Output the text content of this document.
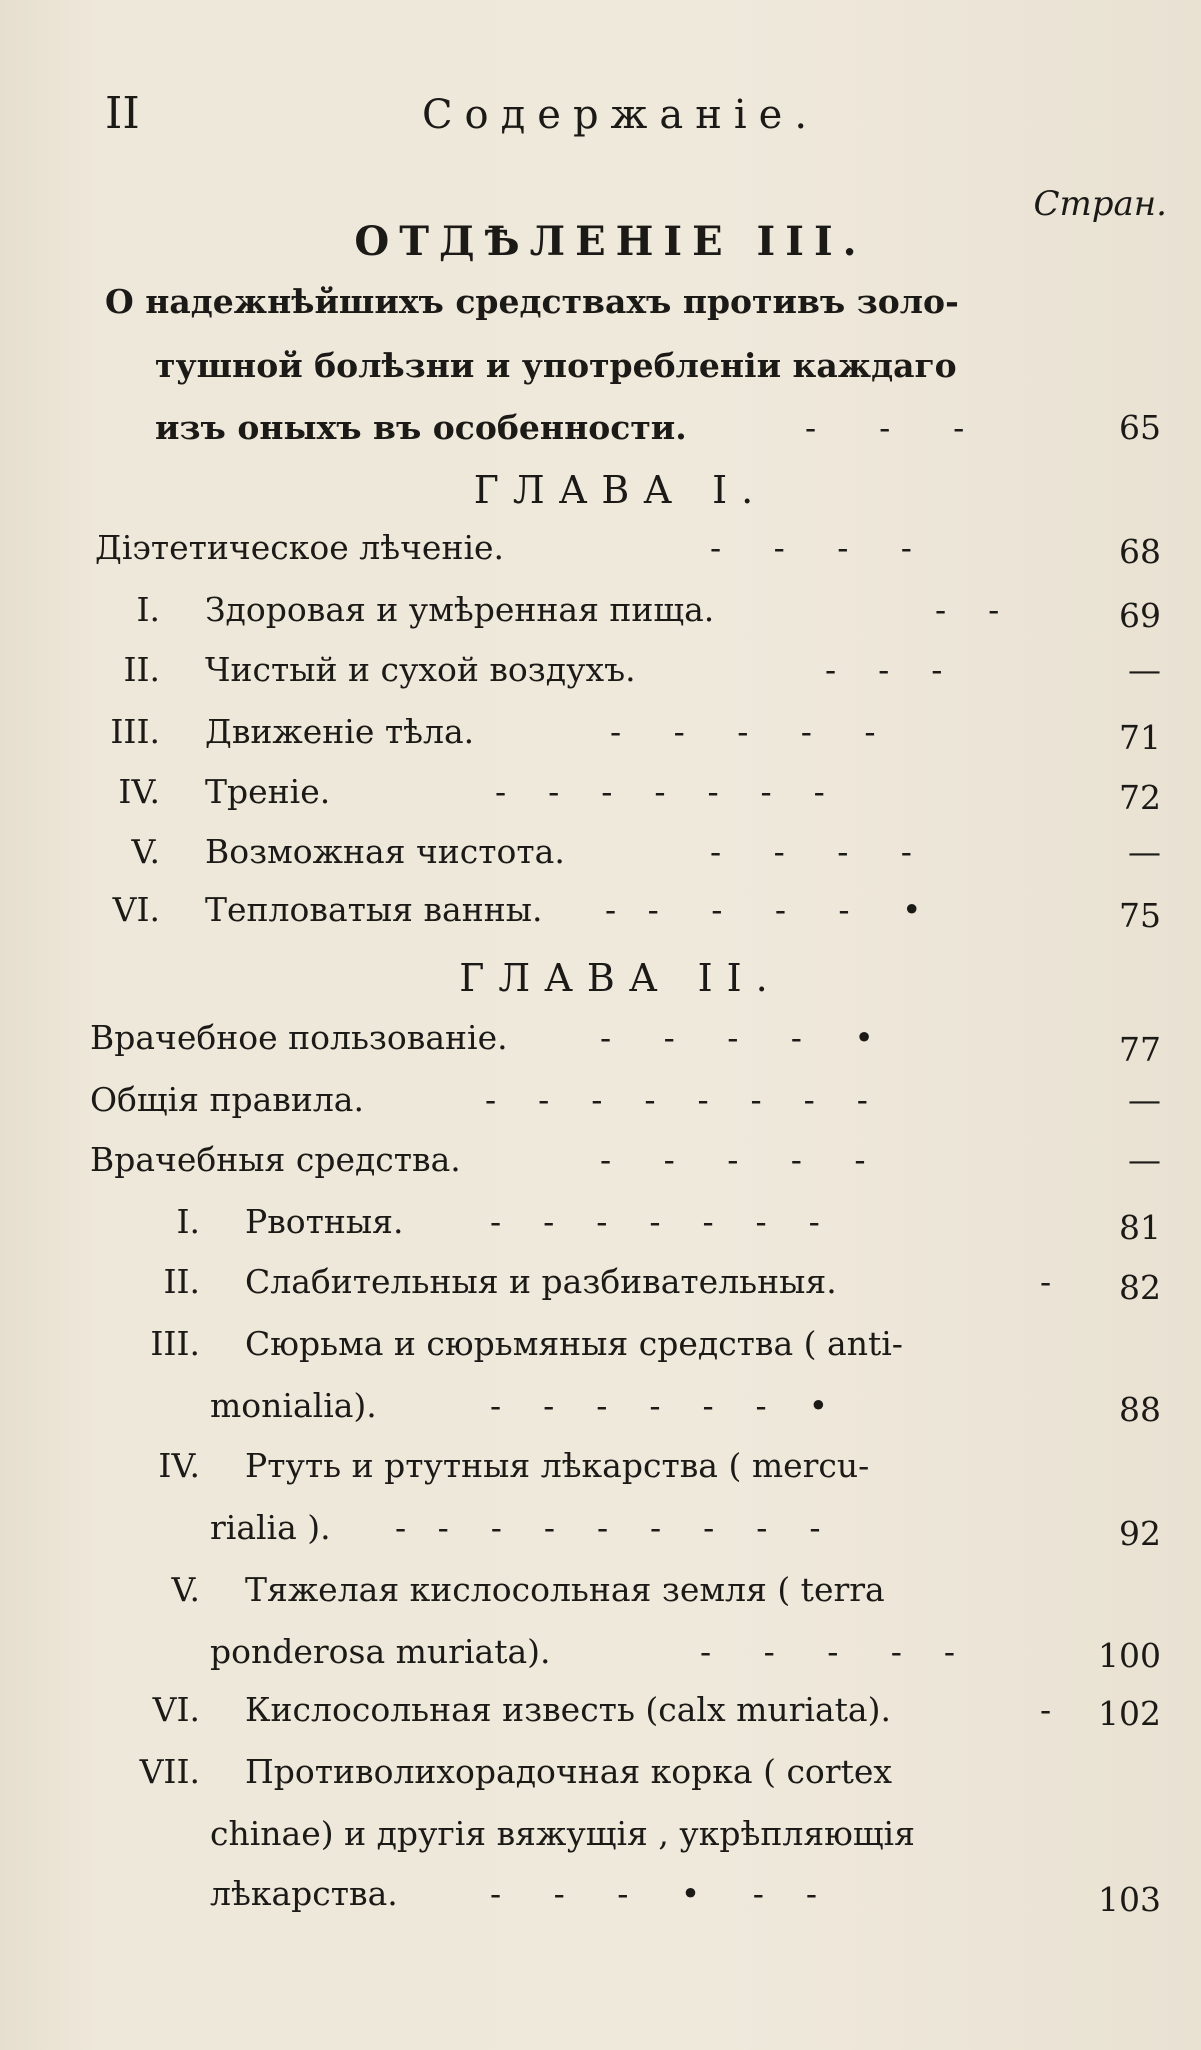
II	Содержаніе.
Стран.
ОТДѢЛЕНІЕ III.
О надежнѣйшихъ средствахъ противъ золо-
тушной болѣзни и употребленіи каждаго
изъ оныхъ въ особенности.	-      -      -	65
ГЛАВА I.
Діэтетическое лѣченіе.	-     -     -     -	68
I. Здоровая и умѣренная пища.	-    -	69
II. Чистый и сухой воздухъ.	-    -    -	—
III. Движеніе тѣла.	-     -     -     -     -	71
IV. Треніе.	-    -    -    -    -    -    -	72
V. Возможная чистота.	-     -     -     -	—
VI. Тепловатыя ванны. -   -     -     -     -     •	75
ГЛАВА II.
Врачебное пользованіе.	-     -     -     -     •	77
Общія правила.	-    -    -    -    -    -    -    -	—
Врачебныя средства.	-     -     -     -     -	—
I. Рвотныя.	-    -    -    -    -    -    -	81
II. Слабительныя и разбивательныя.	-	82
III. Сюрьма и сюрьмяныя средства ( anti-
monialia).	-    -    -    -    -    -    •	88
IV. Ртуть и ртутныя лѣкарства ( mercu-
rialia ). -   -    -    -    -    -    -    -    -	92
V. Тяжелая кислосольная земля ( terra
ponderosa muriata).	-     -     -     -    -	100
VI. Кислосольная известь (calx muriata).	-	102
VII. Противолихорадочная корка ( cortex
chinae) и другія вяжущія , укрѣпляющія
лѣкарства.	-     -     -     •     -    -	103
